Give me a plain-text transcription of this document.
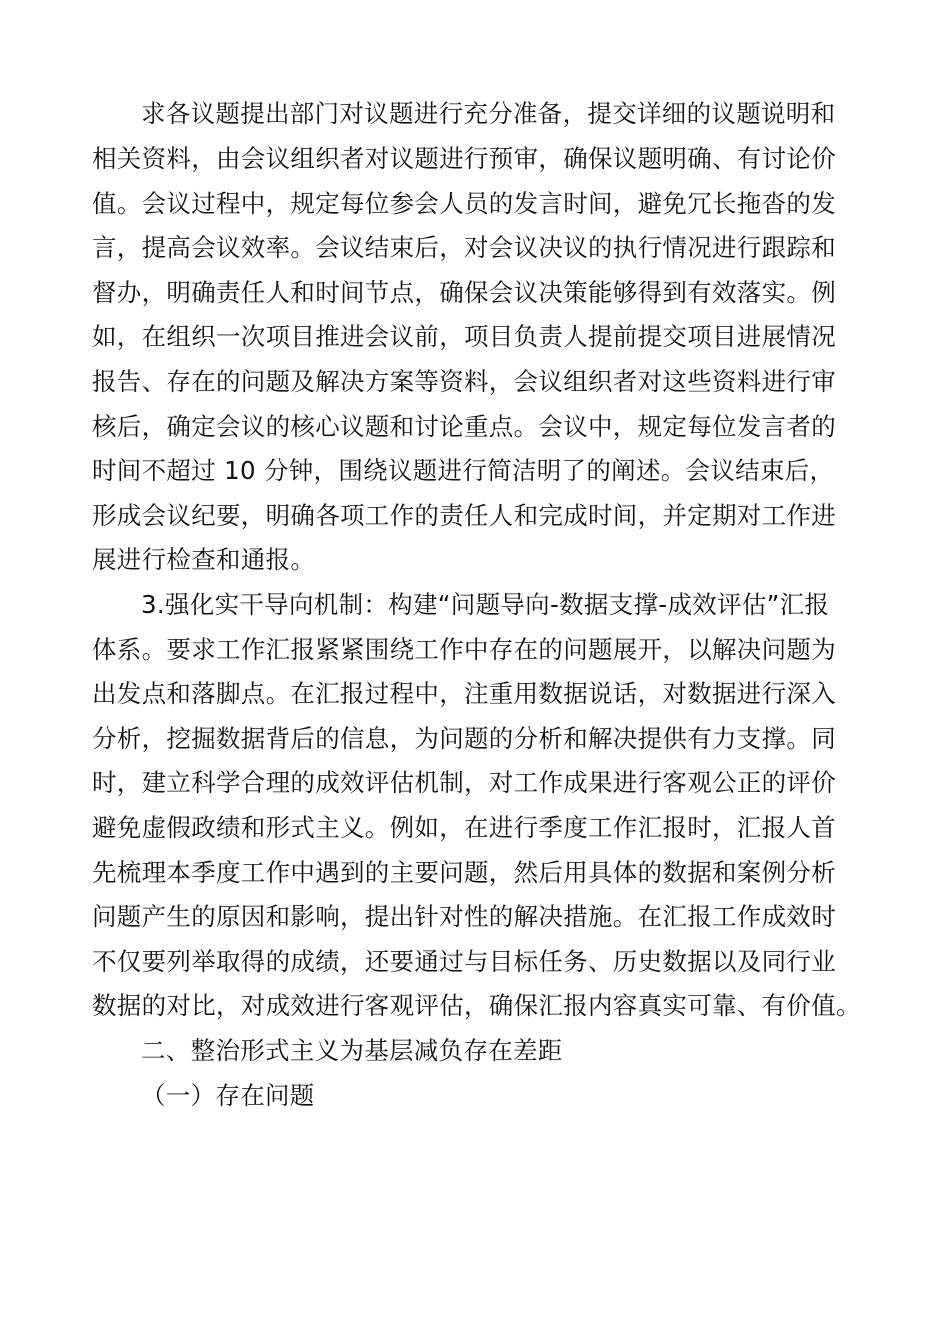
求各议题提出部门对议题进行充分准备，提交详细的议题说明和
相关资料，由会议组织者对议题进行预审，确保议题明确、有讨论价
值。会议过程中，规定每位参会人员的发言时间，避免冗长拖沓的发
言，提高会议效率。会议结束后，对会议决议的执行情况进行跟踪和
督办，明确责任人和时间节点，确保会议决策能够得到有效落实。例
如，在组织一次项目推进会议前，项目负责人提前提交项目进展情况
报告、存在的问题及解决方案等资料，会议组织者对这些资料进行审
核后，确定会议的核心议题和讨论重点。会议中，规定每位发言者的
时间不超过 10 分钟，围绕议题进行简洁明了的阐述。会议结束后，
形成会议纪要，明确各项工作的责任人和完成时间，并定期对工作进
展进行检查和通报。
3.强化实干导向机制：构建“问题导向-数据支撑-成效评估”汇报
体系。要求工作汇报紧紧围绕工作中存在的问题展开，以解决问题为
出发点和落脚点。在汇报过程中，注重用数据说话，对数据进行深入
分析，挖掘数据背后的信息，为问题的分析和解决提供有力支撑。同
时，建立科学合理的成效评估机制，对工作成果进行客观公正的评价
避免虚假政绩和形式主义。例如，在进行季度工作汇报时，汇报人首
先梳理本季度工作中遇到的主要问题，然后用具体的数据和案例分析
问题产生的原因和影响，提出针对性的解决措施。在汇报工作成效时
不仅要列举取得的成绩，还要通过与目标任务、历史数据以及同行业
数据的对比，对成效进行客观评估，确保汇报内容真实可靠、有价值。
二、整治形式主义为基层减负存在差距
（一）存在问题
